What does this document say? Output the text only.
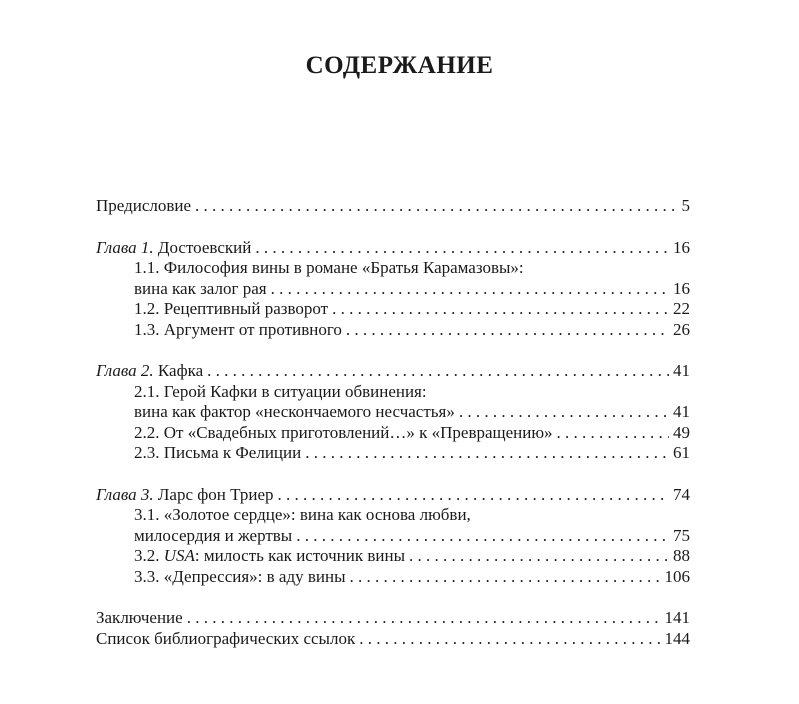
СОДЕРЖАНИЕ
Предисловие . . .	5
Глава 1. Достоевский . . .	16
1.1. Философия вины в романе «Братья Карамазовы»:
вина как залог рая . . .	16
1.2. Рецептивный разворот . . .	22
1.3. Аргумент от противного . . .	26
Глава 2. Кафка . . .	41
2.1. Герой Кафки в ситуации обвинения:
вина как фактор «нескончаемого несчастья» . . .	41
2.2. От «Свадебных приготовлений…» к «Превращению» . . .	49
2.3. Письма к Фелиции . . .	61
Глава 3. Ларс фон Триер . . .	74
3.1. «Золотое сердце»: вина как основа любви,
милосердия и жертвы . . .	75
3.2. USA: милость как источник вины . . .	88
3.3. «Депрессия»: в аду вины . . .	106
Заключение . . .	141
Список библиографических ссылок . . .	144
